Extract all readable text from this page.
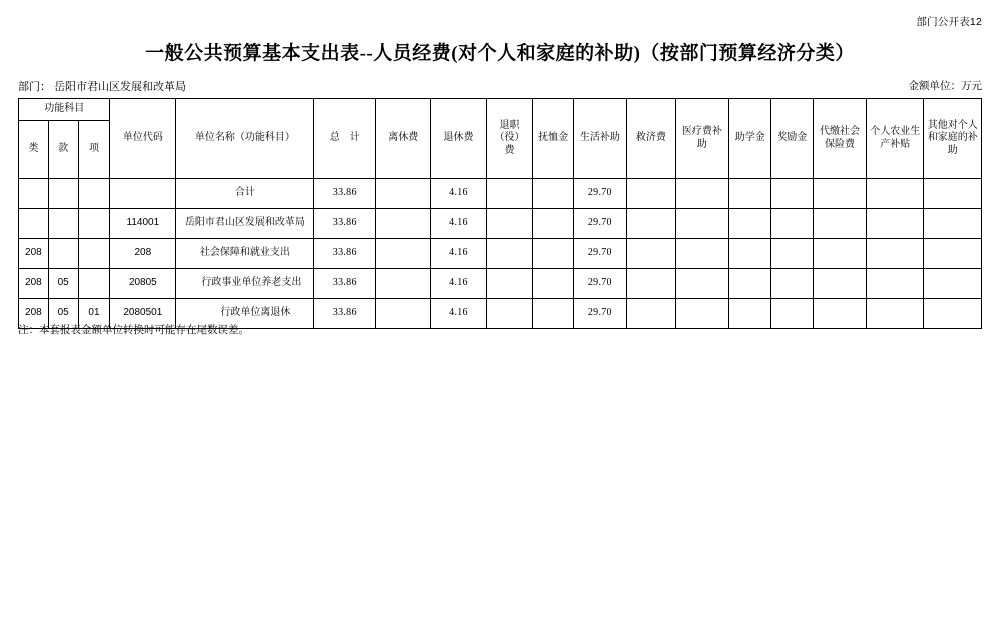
部门公开表12
一般公共预算基本支出表--人员经费(对个人和家庭的补助)（按部门预算经济分类）
部门： 岳阳市君山区发展和改革局	金额单位：万元
功能科目			单位代码	单位名称（功能科目）	总　计	离休费	退休费	退职（役）费	抚恤金	生活补助	救济费	医疗费补助	助学金	奖励金	代缴社会保险费	个人农业生产补贴	其他对个人和家庭的补助
类	款	项															
				合计	33.86		4.16			29.70							
			114001	岳阳市君山区发展和改革局	33.86		4.16			29.70							
208			208	社会保障和就业支出	33.86		4.16			29.70							
208	05		20805	行政事业单位养老支出	33.86		4.16			29.70							
208	05	01	2080501	行政单位离退休	33.86		4.16			29.70							
注：本套报表金额单位转换时可能存在尾数误差。
